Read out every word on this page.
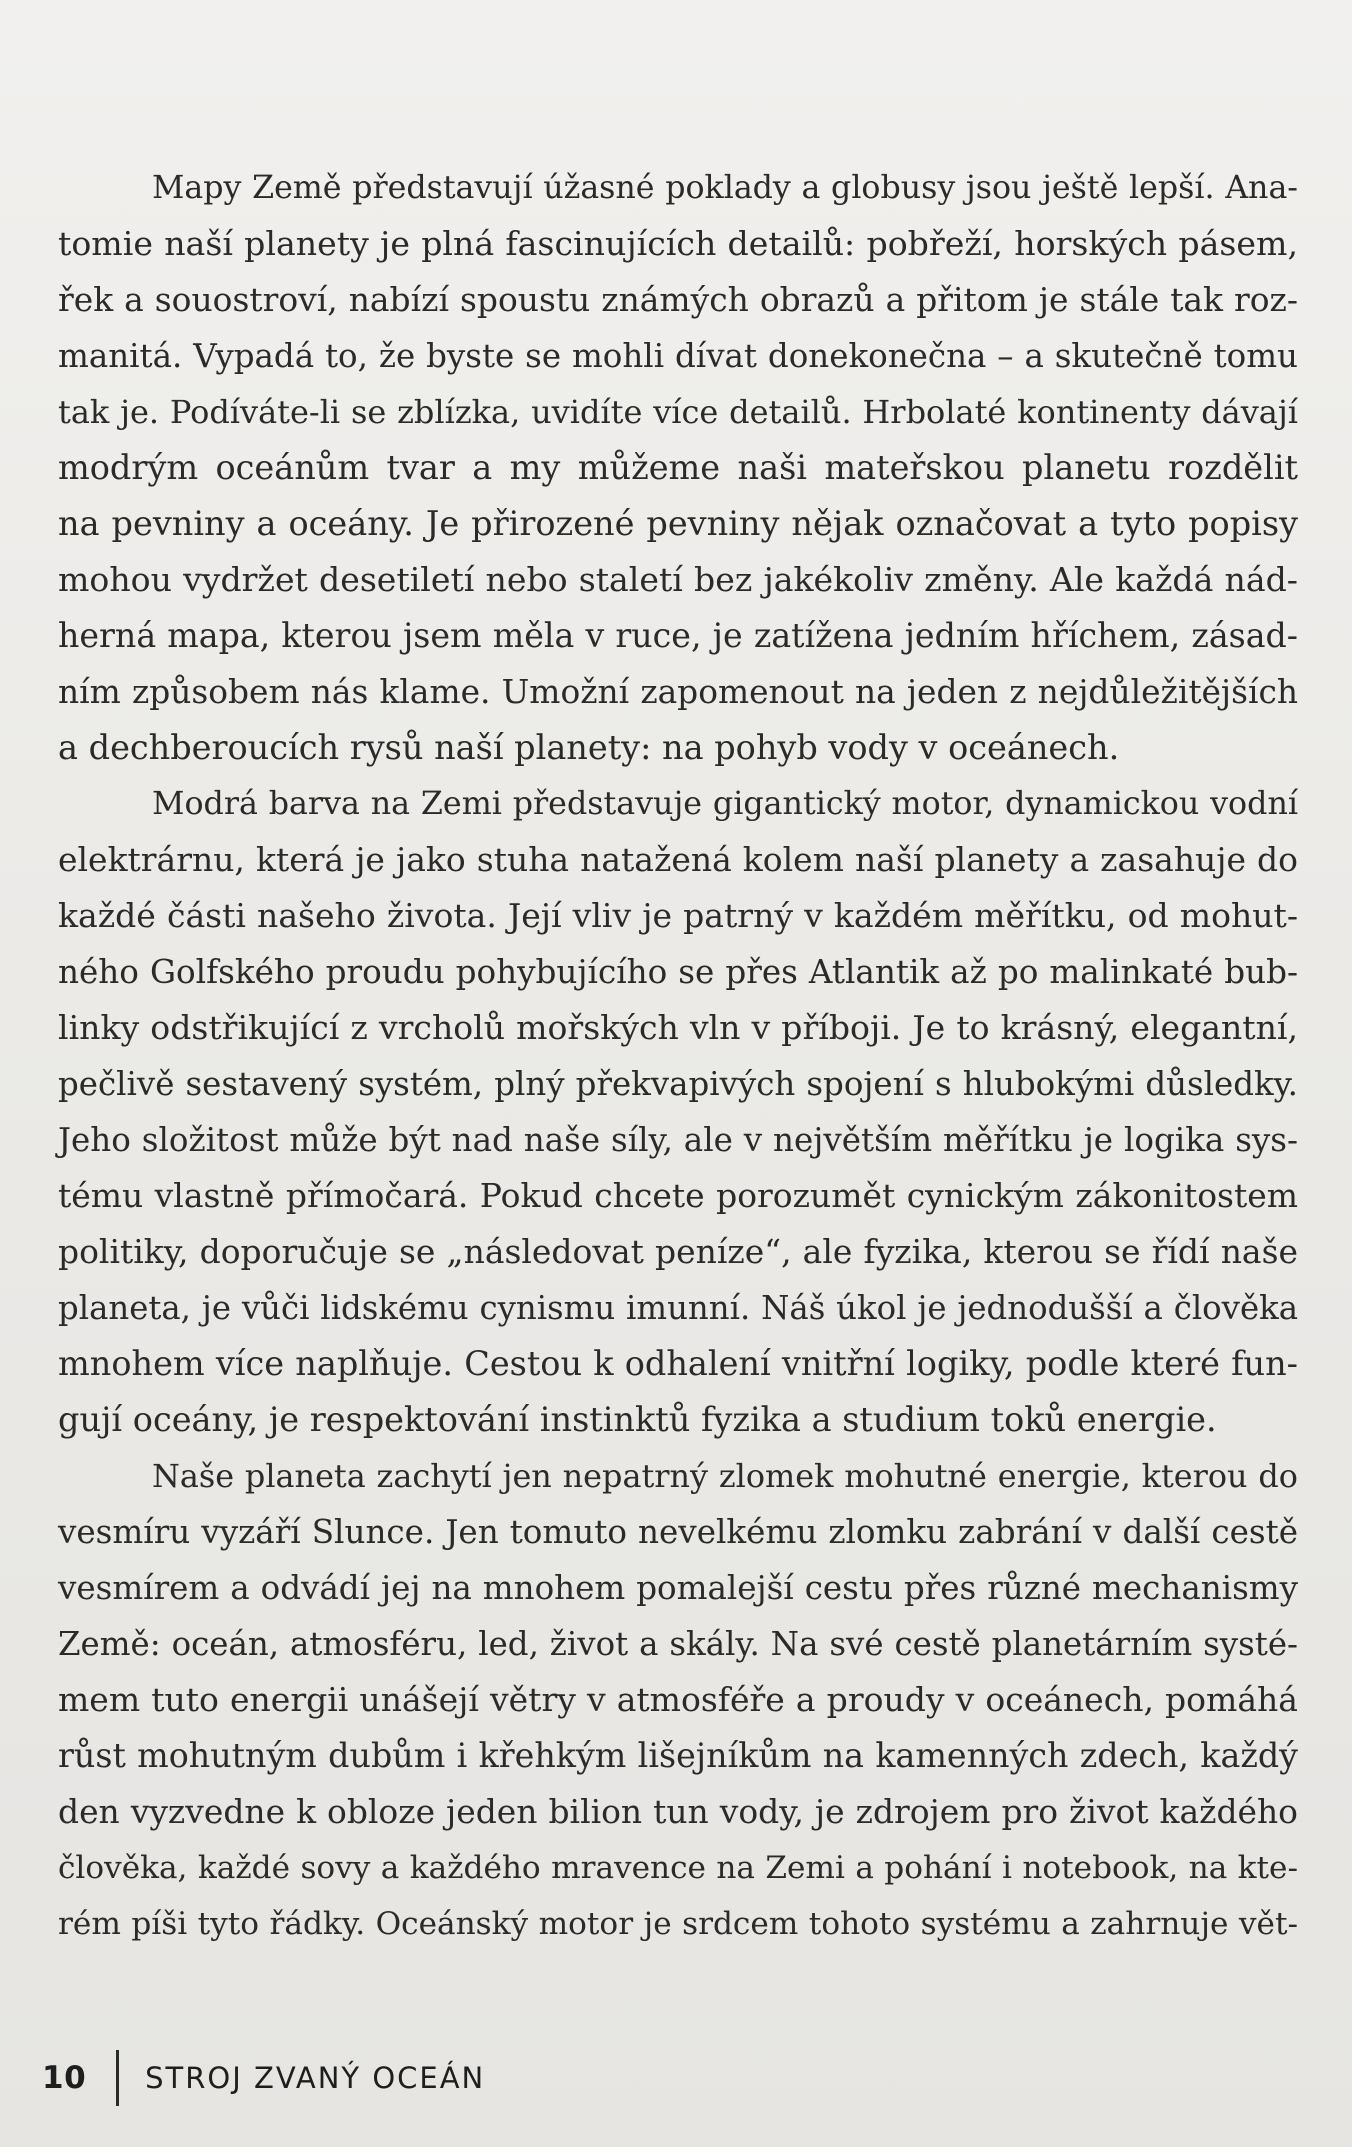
Mapy Země představují úžasné poklady a globusy jsou ještě lepší. Ana-
tomie naší planety je plná fascinujících detailů: pobřeží, horských pásem,
řek a souostroví, nabízí spoustu známých obrazů a přitom je stále tak roz-
manitá. Vypadá to, že byste se mohli dívat donekonečna – a skutečně tomu
tak je. Podíváte-li se zblízka, uvidíte více detailů. Hrbolaté kontinenty dávají
modrým oceánům tvar a my můžeme naši mateřskou planetu rozdělit
na pevniny a oceány. Je přirozené pevniny nějak označovat a tyto popisy
mohou vydržet desetiletí nebo staletí bez jakékoliv změny. Ale každá nád-
herná mapa, kterou jsem měla v ruce, je zatížena jedním hříchem, zásad-
ním způsobem nás klame. Umožní zapomenout na jeden z nejdůležitějších
a dechberoucích rysů naší planety: na pohyb vody v oceánech.
Modrá barva na Zemi představuje gigantický motor, dynamickou vodní
elektrárnu, která je jako stuha natažená kolem naší planety a zasahuje do
každé části našeho života. Její vliv je patrný v každém měřítku, od mohut-
ného Golfského proudu pohybujícího se přes Atlantik až po malinkaté bub-
linky odstřikující z vrcholů mořských vln v příboji. Je to krásný, elegantní,
pečlivě sestavený systém, plný překvapivých spojení s hlubokými důsledky.
Jeho složitost může být nad naše síly, ale v největším měřítku je logika sys-
tému vlastně přímočará. Pokud chcete porozumět cynickým zákonitostem
politiky, doporučuje se „následovat peníze“, ale fyzika, kterou se řídí naše
planeta, je vůči lidskému cynismu imunní. Náš úkol je jednodušší a člověka
mnohem více naplňuje. Cestou k odhalení vnitřní logiky, podle které fun-
gují oceány, je respektování instinktů fyzika a studium toků energie.
Naše planeta zachytí jen nepatrný zlomek mohutné energie, kterou do
vesmíru vyzáří Slunce. Jen tomuto nevelkému zlomku zabrání v další cestě
vesmírem a odvádí jej na mnohem pomalejší cestu přes různé mechanismy
Země: oceán, atmosféru, led, život a skály. Na své cestě planetárním systé-
mem tuto energii unášejí větry v atmosféře a proudy v oceánech, pomáhá
růst mohutným dubům i křehkým lišejníkům na kamenných zdech, každý
den vyzvedne k obloze jeden bilion tun vody, je zdrojem pro život každého
člověka, každé sovy a každého mravence na Zemi a pohání i notebook, na kte-
rém píši tyto řádky. Oceánský motor je srdcem tohoto systému a zahrnuje vět-
10 STROJ ZVANÝ OCEÁN
